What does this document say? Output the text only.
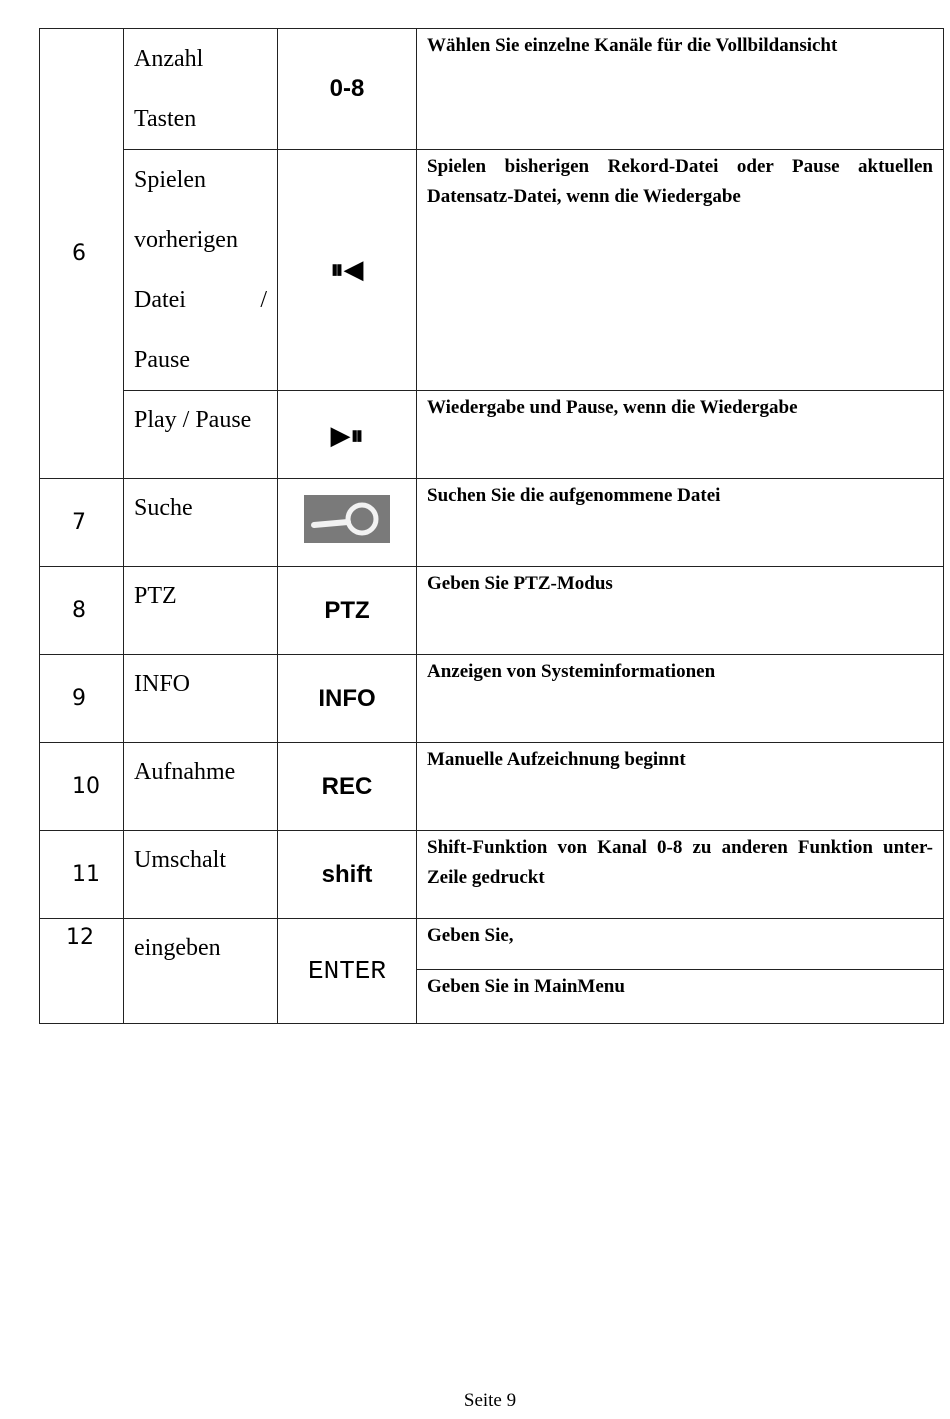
6	Anzahl Tasten	0-8	Wählen Sie einzelne Kanäle für die Vollbildansicht

	Spielen
vorherigen
Datei /
Pause	⏸◀	Spielen bisherigen Rekord-Datei oder Pause aktuellen Datensatz-Datei, wenn die Wiedergabe
	Play / Pause	▶⏸	Wiedergabe und Pause, wenn die Wiedergabe
7	Suche		Suchen Sie die aufgenommene Datei
8	PTZ	PTZ	Geben Sie PTZ-Modus
9	INFO	INFO	Anzeigen von Systeminformationen
10	Aufnahme	REC	Manuelle Aufzeichnung beginnt
11	Umschalt	shift	Shift-Funktion von Kanal 0-8 zu anderen Funktion unter-Zeile gedruckt
12	eingeben	ENTER	Geben Sie,
Geben Sie in MainMenu
Seite 9
